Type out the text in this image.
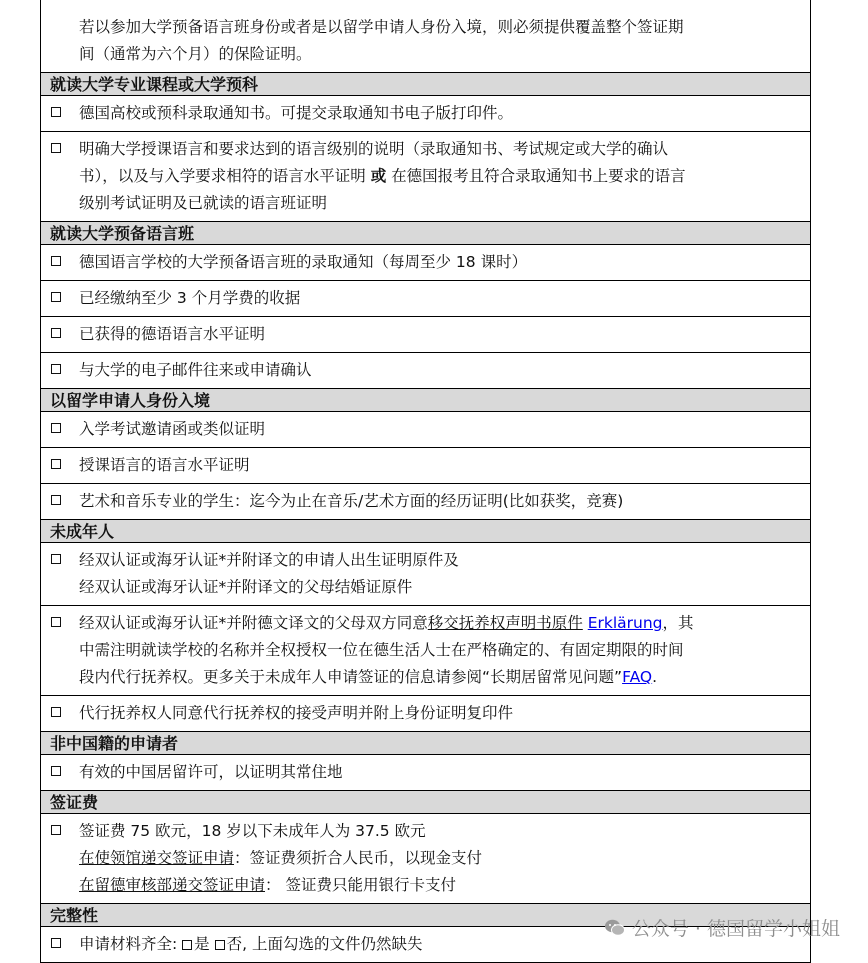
若以参加大学预备语言班身份或者是以留学申请人身份入境，则必须提供覆盖整个签证期
间（通常为六个月）的保险证明。
就读大学专业课程或大学预科
德国高校或预科录取通知书。可提交录取通知书电子版打印件。
明确大学授课语言和要求达到的语言级别的说明（录取通知书、考试规定或大学的确认
书），以及与入学要求相符的语言水平证明 或 在德国报考且符合录取通知书上要求的语言
级别考试证明及已就读的语言班证明
就读大学预备语言班
德国语言学校的大学预备语言班的录取通知（每周至少 18 课时）
已经缴纳至少 3 个月学费的收据
已获得的德语语言水平证明
与大学的电子邮件往来或申请确认
以留学申请人身份入境
入学考试邀请函或类似证明
授课语言的语言水平证明
艺术和音乐专业的学生：迄今为止在音乐/艺术方面的经历证明(比如获奖，竞赛)
未成年人
经双认证或海牙认证*并附译文的申请人出生证明原件及
经双认证或海牙认证*并附译文的父母结婚证原件
经双认证或海牙认证*并附德文译文的父母双方同意移交抚养权声明书原件 Erklärung，其
中需注明就读学校的名称并全权授权一位在德生活人士在严格确定的、有固定期限的时间
段内代行抚养权。更多关于未成年人申请签证的信息请参阅“长期居留常见问题”FAQ.
代行抚养权人同意代行抚养权的接受声明并附上身份证明复印件
非中国籍的申请者
有效的中国居留许可，以证明其常住地
签证费
签证费 75 欧元，18 岁以下未成年人为 37.5 欧元
在使领馆递交签证申请：签证费须折合人民币，以现金支付
在留德审核部递交签证申请： 签证费只能用银行卡支付
完整性
申请材料齐全: 是 否, 上面勾选的文件仍然缺失
公众号 · 德国留学小姐姐
